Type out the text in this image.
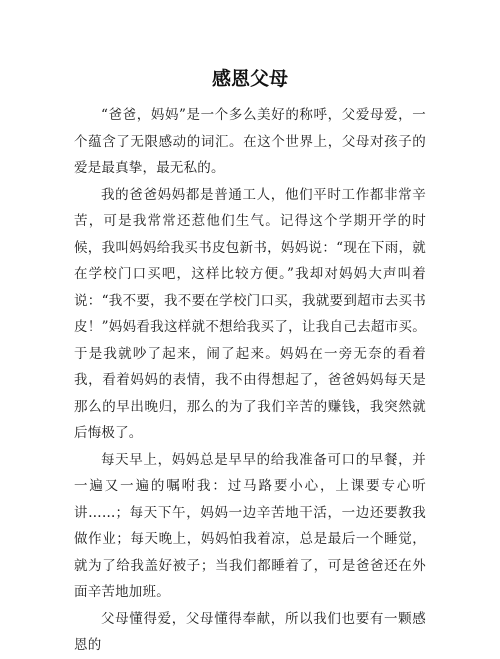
感恩父母

“爸爸，妈妈”是一个多么美好的称呼，父爱母爱，一个蕴含了无限感动的词汇。在这个世界上，父母对孩子的爱是最真挚，最无私的。

我的爸爸妈妈都是普通工人，他们平时工作都非常辛苦，可是我常常还惹他们生气。记得这个学期开学的时候，我叫妈妈给我买书皮包新书，妈妈说：“现在下雨，就在学校门口买吧，这样比较方便。”我却对妈妈大声叫着说：“我不要，我不要在学校门口买，我就要到超市去买书皮！”妈妈看我这样就不想给我买了，让我自己去超市买。于是我就吵了起来，闹了起来。妈妈在一旁无奈的看着我，看着妈妈的表情，我不由得想起了，爸爸妈妈每天是那么的早出晚归，那么的为了我们辛苦的赚钱，我突然就后悔极了。

每天早上，妈妈总是早早的给我准备可口的早餐，并一遍又一遍的嘱咐我：过马路要小心，上课要专心听讲……；每天下午，妈妈一边辛苦地干活，一边还要教我做作业；每天晚上，妈妈怕我着凉，总是最后一个睡觉，就为了给我盖好被子；当我们都睡着了，可是爸爸还在外面辛苦地加班。

父母懂得爱，父母懂得奉献，所以我们也要有一颗感恩的
